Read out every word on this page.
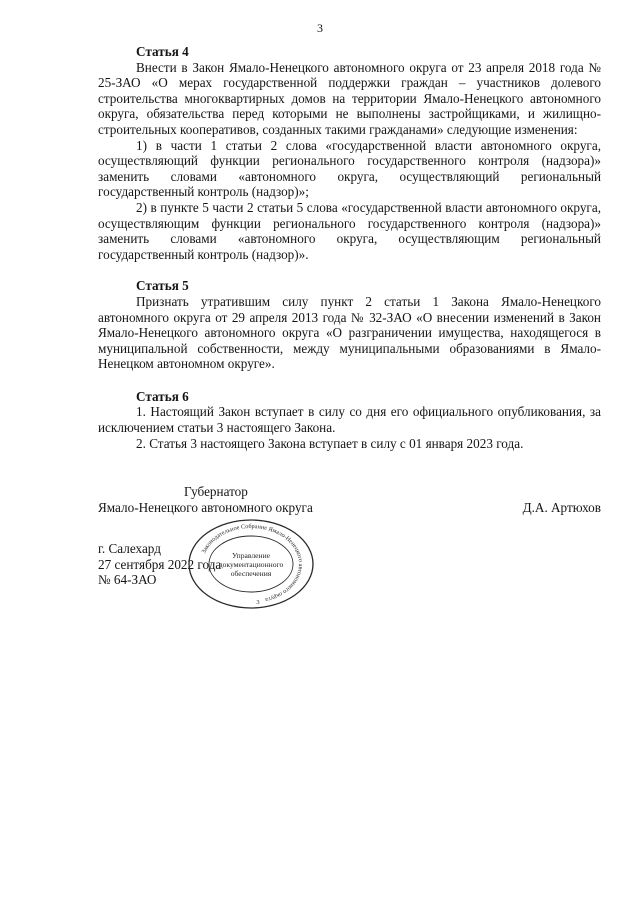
3
Статья 4

Внести в Закон Ямало-Ненецкого автономного округа от 23 апреля 2018 года № 25-ЗАО «О мерах государственной поддержки граждан – участников долевого строительства многоквартирных домов на территории Ямало-Ненецкого автономного округа, обязательства перед которыми не выполнены застройщиками, и жилищно-строительных кооперативов, созданных такими гражданами» следующие изменения:

1) в части 1 статьи 2 слова «государственной власти автономного округа, осуществляющий функции регионального государственного контроля (надзора)» заменить словами «автономного округа, осуществляющий региональный государственный контроль (надзор)»;

2) в пункте 5 части 2 статьи 5 слова «государственной власти автономного округа, осуществляющим функции регионального государственного контроля (надзора)» заменить словами «автономного округа, осуществляющим региональный государственный контроль (надзор)».

Статья 5

Признать утратившим силу пункт 2 статьи 1 Закона Ямало-Ненецкого автономного округа от 29 апреля 2013 года № 32-ЗАО «О внесении изменений в Закон Ямало-Ненецкого автономного округа «О разграничении имущества, находящегося в муниципальной собственности, между муниципальными образованиями в Ямало-Ненецком автономном округе».

Статья 6

1. Настоящий Закон вступает в силу со дня его официального опубликования, за исключением статьи 3 настоящего Закона.

2. Статья 3 настоящего Закона вступает в силу с 01 января 2023 года.

Губернатор
Ямало-Ненецкого автономного округа	Д.А. Артюхов
г. Салехард
27 сентября 2022 года
№ 64-ЗАО
Законодательное Собрание Ямало-Ненецкого автономного округа
Управление
документационного
обеспечения
3
